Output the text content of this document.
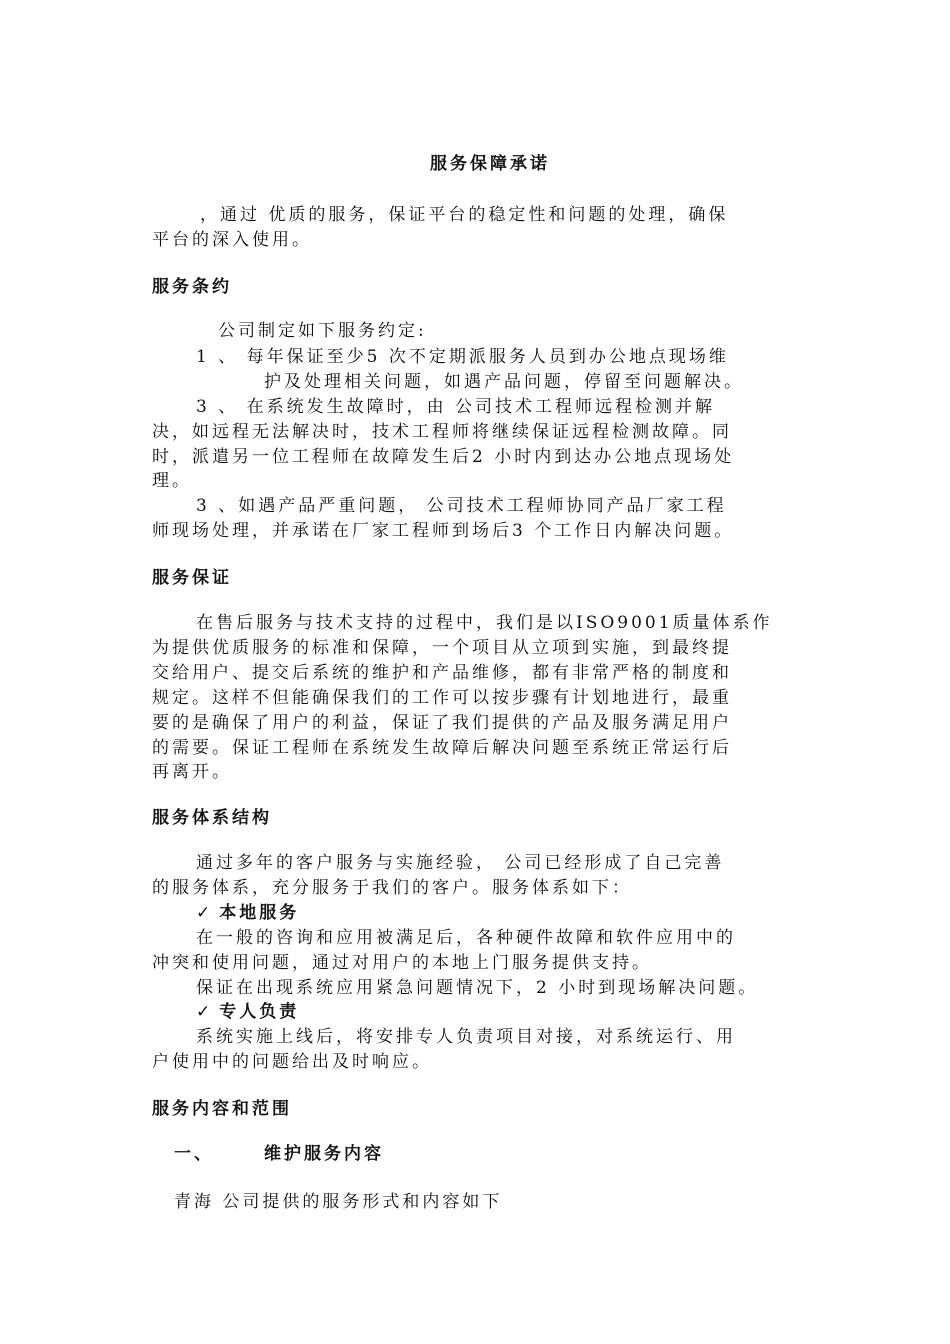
服务保障承诺
，通过 优质的服务，保证平台的稳定性和问题的处理，确保
平台的深入使用。
服务条约
公司制定如下服务约定:
1 、 每年保证至少5 次不定期派服务人员到办公地点现场维
护及处理相关问题，如遇产品问题，停留至问题解决。
3 、 在系统发生故障时，由 公司技术工程师远程检测并解
决，如远程无法解决时，技术工程师将继续保证远程检测故障。同
时，派遣另一位工程师在故障发生后2 小时内到达办公地点现场处
理。
3 、如遇产品严重问题， 公司技术工程师协同产品厂家工程
师现场处理，并承诺在厂家工程师到场后3 个工作日内解决问题。
服务保证
在售后服务与技术支持的过程中，我们是以ISO9001质量体系作
为提供优质服务的标准和保障，一个项目从立项到实施，到最终提
交给用户、提交后系统的维护和产品维修，都有非常严格的制度和
规定。这样不但能确保我们的工作可以按步骤有计划地进行，最重
要的是确保了用户的利益，保证了我们提供的产品及服务满足用户
的需要。保证工程师在系统发生故障后解决问题至系统正常运行后
再离开。
服务体系结构
通过多年的客户服务与实施经验， 公司已经形成了自己完善
的服务体系，充分服务于我们的客户。服务体系如下：
✓ 本地服务
在一般的咨询和应用被满足后，各种硬件故障和软件应用中的
冲突和使用问题，通过对用户的本地上门服务提供支持。
保证在出现系统应用紧急问题情况下，2 小时到现场解决问题。
✓ 专人负责
系统实施上线后，将安排专人负责项目对接，对系统运行、用
户使用中的问题给出及时响应。
服务内容和范围
一、	维护服务内容
青海 公司提供的服务形式和内容如下
